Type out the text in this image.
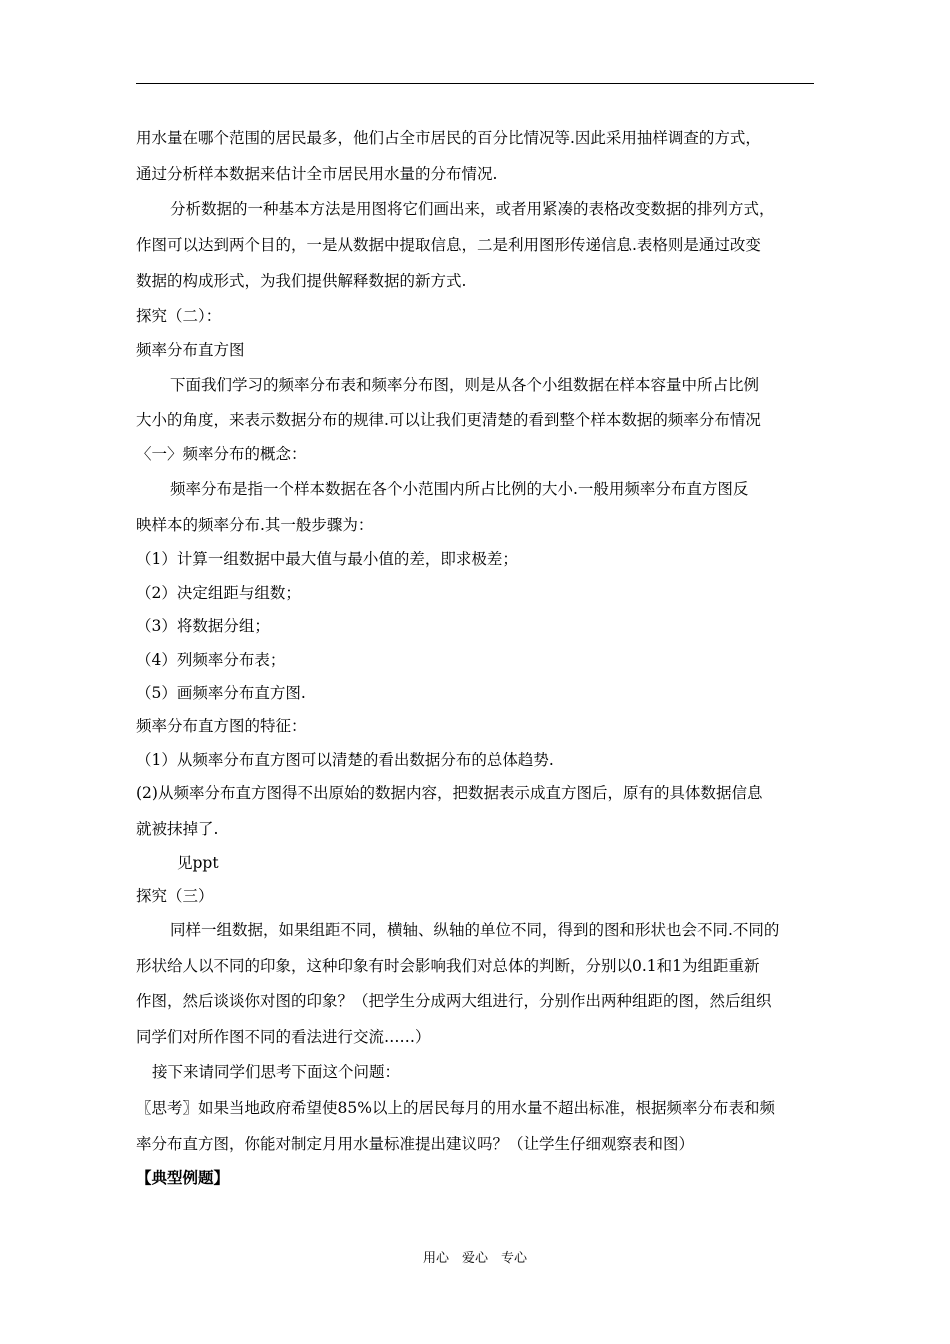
用水量在哪个范围的居民最多，他们占全市居民的百分比情况等.因此采用抽样调查的方式，
通过分析样本数据来估计全市居民用水量的分布情况.
分析数据的一种基本方法是用图将它们画出来，或者用紧凑的表格改变数据的排列方式，
作图可以达到两个目的，一是从数据中提取信息，二是利用图形传递信息.表格则是通过改变
数据的构成形式，为我们提供解释数据的新方式.
探究（二）：
频率分布直方图
下面我们学习的频率分布表和频率分布图，则是从各个小组数据在样本容量中所占比例
大小的角度，来表示数据分布的规律.可以让我们更清楚的看到整个样本数据的频率分布情况
〈一〉频率分布的概念：
频率分布是指一个样本数据在各个小范围内所占比例的大小.一般用频率分布直方图反
映样本的频率分布.其一般步骤为：
（1）计算一组数据中最大值与最小值的差，即求极差；
（2）决定组距与组数；
（3）将数据分组；
（4）列频率分布表；
（5）画频率分布直方图.
频率分布直方图的特征：
（1）从频率分布直方图可以清楚的看出数据分布的总体趋势.
(2)从频率分布直方图得不出原始的数据内容，把数据表示成直方图后，原有的具体数据信息
就被抹掉了.
见ppt
探究（三）
同样一组数据，如果组距不同，横轴、纵轴的单位不同，得到的图和形状也会不同.不同的
形状给人以不同的印象，这种印象有时会影响我们对总体的判断，分别以0.1和1为组距重新
作图，然后谈谈你对图的印象？（把学生分成两大组进行，分别作出两种组距的图，然后组织
同学们对所作图不同的看法进行交流……）
接下来请同学们思考下面这个问题：
〖思考〗如果当地政府希望使85%以上的居民每月的用水量不超出标准，根据频率分布表和频
率分布直方图，你能对制定月用水量标准提出建议吗？（让学生仔细观察表和图）
【典型例题】
用心　爱心　专心
